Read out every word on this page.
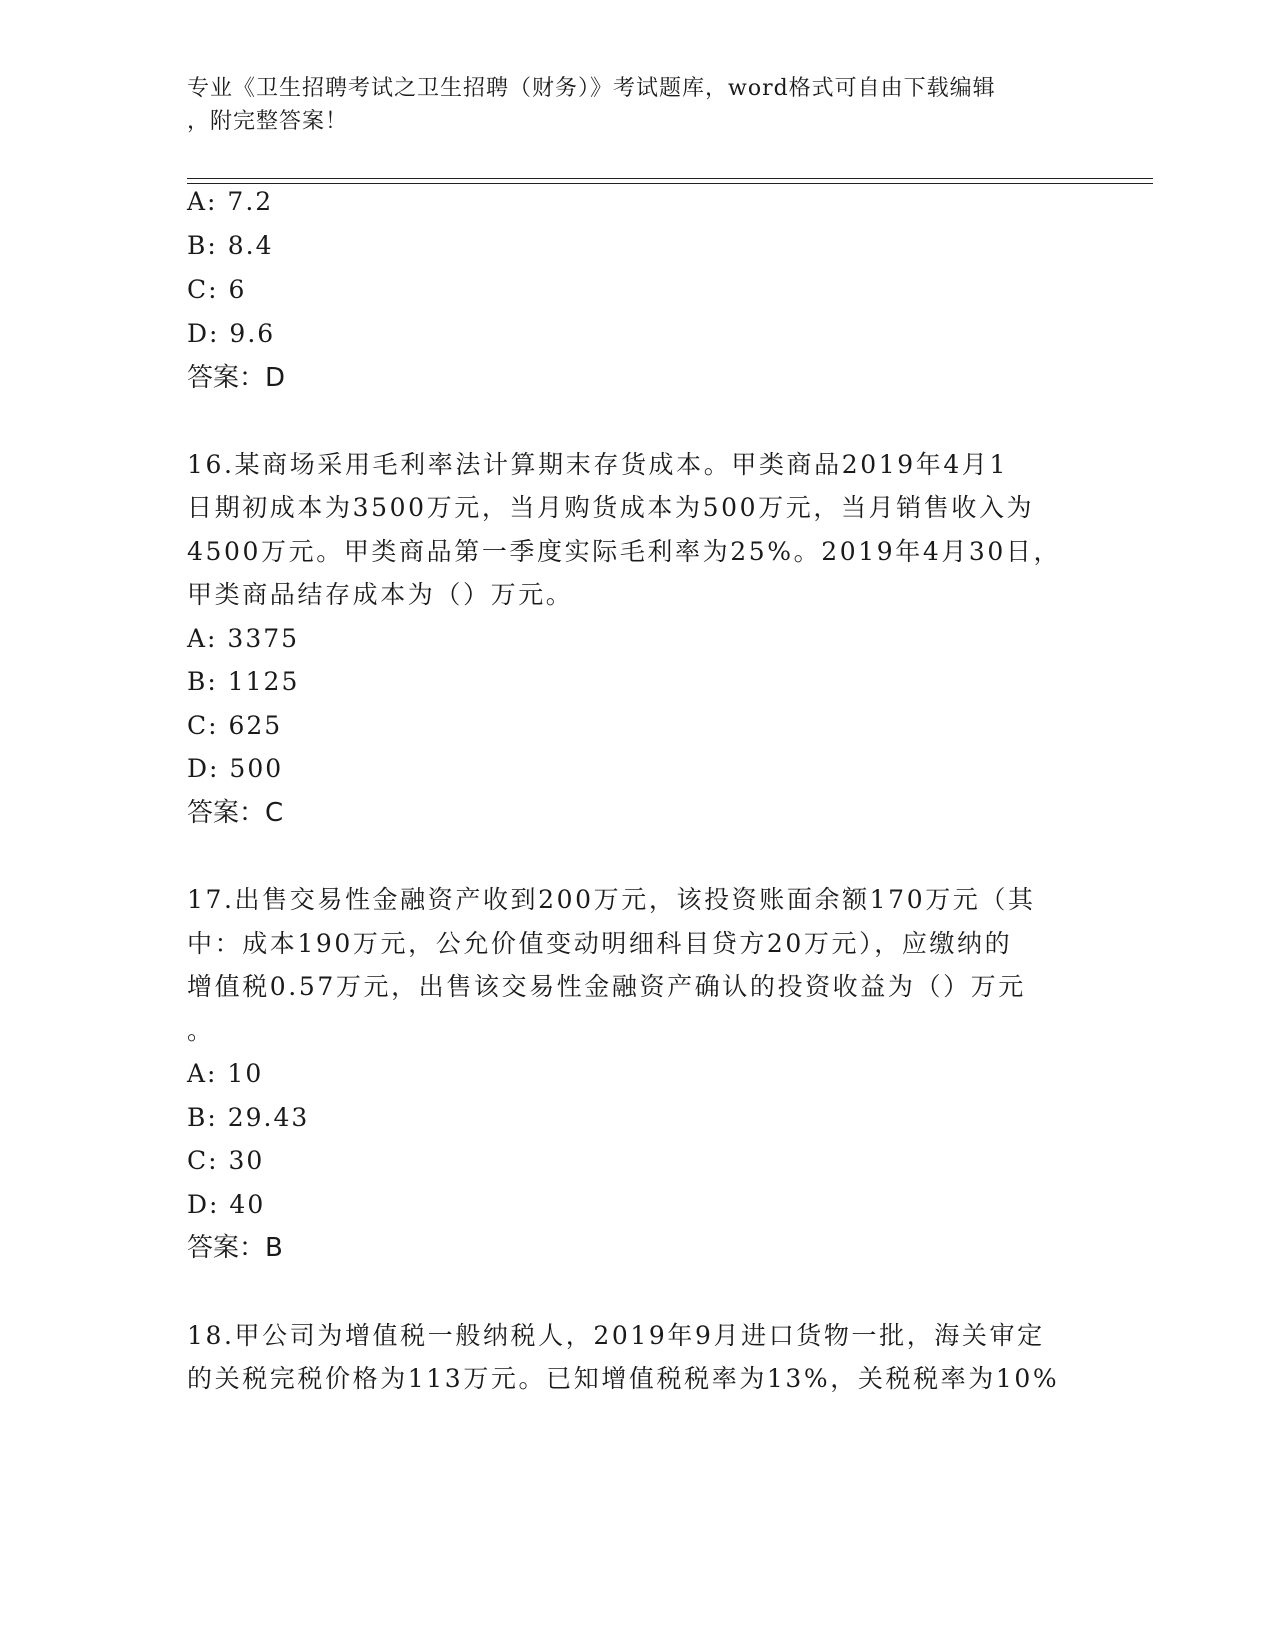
专业《卫生招聘考试之卫生招聘（财务）》考试题库，word格式可自由下载编辑
，附完整答案！
A: 7.2
B: 8.4
C: 6
D: 9.6
答案：D
16.某商场采用毛利率法计算期末存货成本。甲类商品2019年4月1
日期初成本为3500万元，当月购货成本为500万元，当月销售收入为
4500万元。甲类商品第一季度实际毛利率为25%。2019年4月30日，
甲类商品结存成本为（）万元。
A: 3375
B: 1125
C: 625
D: 500
答案：C
17.出售交易性金融资产收到200万元，该投资账面余额170万元（其
中：成本190万元，公允价值变动明细科目贷方20万元），应缴纳的
增值税0.57万元，出售该交易性金融资产确认的投资收益为（）万元
。
A: 10
B: 29.43
C: 30
D: 40
答案：B
18.甲公司为增值税一般纳税人，2019年9月进口货物一批，海关审定
的关税完税价格为113万元。已知增值税税率为13%，关税税率为10%
